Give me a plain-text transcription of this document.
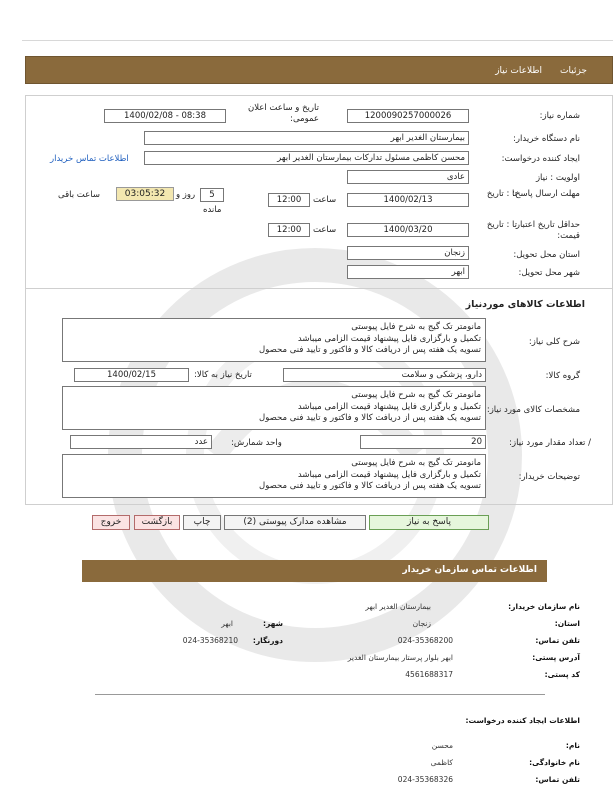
جزئیات
اطلاعات نیاز
شماره نیاز:
1200090257000026
تاریخ و ساعت اعلان عمومی:
1400/02/08 - 08:38
نام دستگاه خریدار:
بیمارستان الغدیر ابهر
ایجاد کننده درخواست:
محسن کاظمی مسئول تدارکات بیمارستان الغدیر ابهر
اطلاعات تماس خریدار
اولویت : نیاز
عادی
مهلت ارسال پاسخ:
تا : تاریخ
1400/02/13
ساعت
12:00
5
روز و
مانده
03:05:32
ساعت باقی
حداقل تاریخ اعتبار قیمت:
تا : تاریخ
1400/03/20
ساعت
12:00
استان محل تحویل:
زنجان
شهر محل تحویل:
ابهر
اطلاعات کالاهای موردنیاز
شرح کلی نیاز:
مانومتر تک گیج به شرح فایل پیوستی
تکمیل و بارگزاری فایل پیشنهاد قیمت الزامی میباشد
تسویه یک هفته پس از دریافت کالا و فاکتور و تایید فنی محصول
گروه کالا:
دارو، پزشکی و سلامت
تاریخ نیاز به کالا:
1400/02/15
مشخصات کالای مورد نیاز:
مانومتر تک گیج به شرح فایل پیوستی
تکمیل و بارگزاری فایل پیشنهاد قیمت الزامی میباشد
تسویه یک هفته پس از دریافت کالا و فاکتور و تایید فنی محصول
/ تعداد مقدار مورد نیاز:
20
واحد شمارش:
عدد
توضیحات خریدار:
مانومتر تک گیج به شرح فایل پیوستی
تکمیل و بارگزاری فایل پیشنهاد قیمت الزامی میباشد
تسویه یک هفته پس از دریافت کالا و فاکتور و تایید فنی محصول
پاسخ به نیاز
مشاهده مدارک پیوستی (2)
چاپ
بازگشت
خروج
اطلاعات تماس سازمان خریدار
نام سازمان خریدار:
بیمارستان الغدیر ابهر
استان:
زنجان
شهر:
ابهر
تلفن تماس:
024-35368200
دورنگار:
024-35368210
آدرس پستی:
ابهر بلوار پرستار بیمارستان الغدیر
کد پستی:
4561688317
اطلاعات ایجاد کننده درخواست:
نام:
محسن
نام خانوادگی:
کاظمی
تلفن تماس:
024-35368326
